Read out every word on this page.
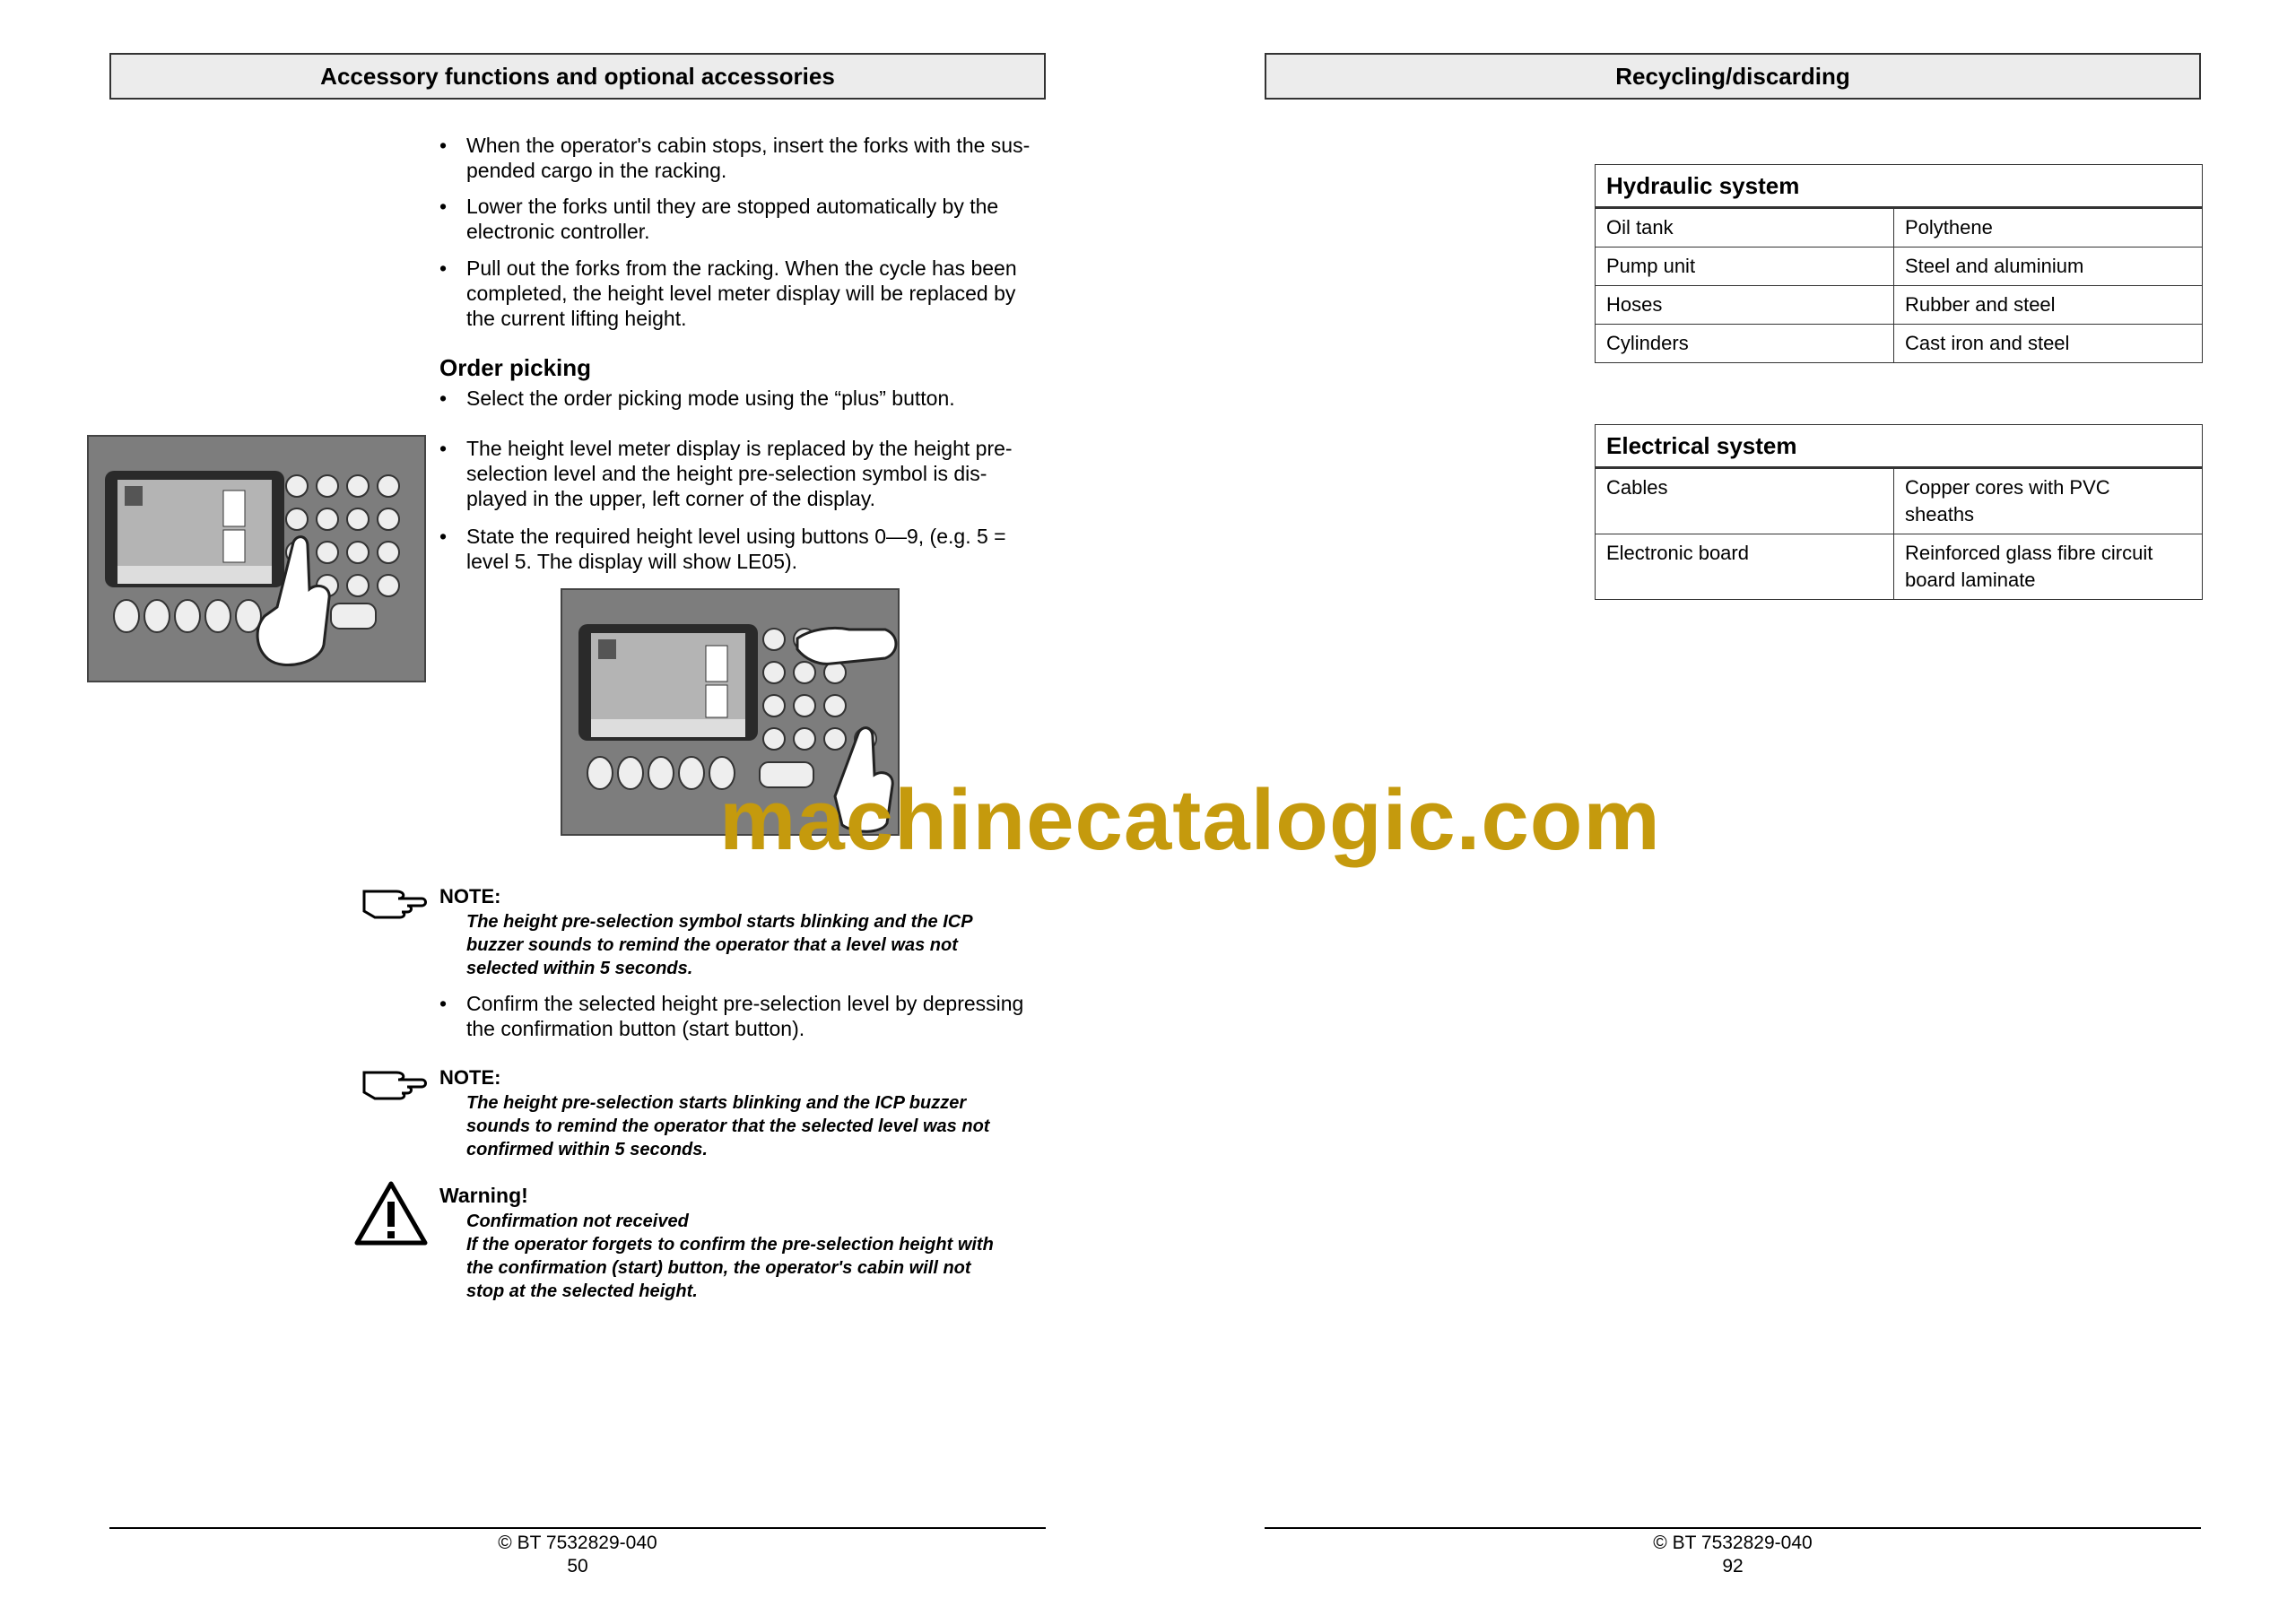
Accessory functions and optional accessories
• When the operator's cabin stops, insert the forks with the sus-
pended cargo in the racking.
• Lower the forks until they are stopped automatically by the
electronic controller.
• Pull out the forks from the racking. When the cycle has been
completed, the height level meter display will be replaced by
the current lifting height.
Order picking
• Select the order picking mode using the “plus” button.
• The height level meter display is replaced by the height pre-
selection level and the height pre-selection symbol is dis-
played in the upper, left corner of the display.
• State the required height level using buttons 0—9, (e.g. 5 =
level 5. The display will show LE05).
NOTE:
The height pre-selection symbol starts blinking and the ICP
buzzer sounds to remind the operator that a level was not
selected within 5 seconds.
• Confirm the selected height pre-selection level by depressing
the confirmation button (start button).
NOTE:
The height pre-selection starts blinking and the ICP buzzer
sounds to remind the operator that the selected level was not
confirmed within 5 seconds.
Warning!
Confirmation not received
If the operator forgets to confirm the pre-selection height with
the confirmation (start) button, the operator's cabin will not
stop at the selected height.
© BT 7532829-040
50
Recycling/discarding
Hydraulic system	
Oil tank	Polythene
Pump unit	Steel and aluminium
Hoses	Rubber and steel
Cylinders	Cast iron and steel
Electrical system	
Cables	Copper cores with PVC
sheaths
Electronic board	Reinforced glass fibre circuit
board laminate
© BT 7532829-040
92
machinecatalogic.com
